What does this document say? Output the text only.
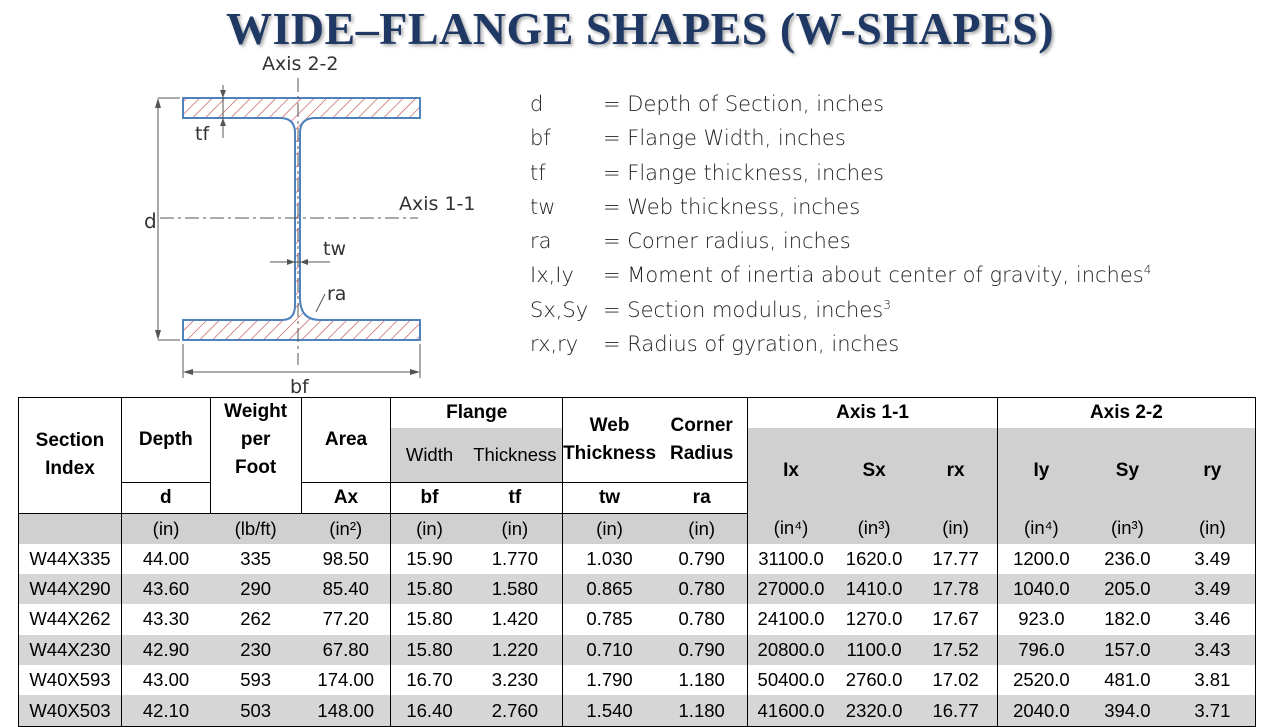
WIDE–FLANGE SHAPES (W-SHAPES)
Axis 2-2
Axis 1-1
tf
d
tw
ra
bf
d	= Depth of Section, inches
bf = Flange Width, inches
tf	= Flange thickness, inches
tw = Web thickness, inches
ra = Corner radius, inches
Ix,Iy = Moment of inertia about center of gravity, inches$^4$
Sx,Sy = Section modulus, inches$^3$
rx,ry = Radius of gyration, inches
Section Index	Depth	Weight per Foot	Area	Flange		Web Thickness	Corner Radius	Axis 1-1			Axis 2-2		
				Width	Thickness			Ix	Sx	rx	Iy	Sy	ry
	d		Ax	bf	tf	tw	ra						
	(in)	(lb/ft)	(in²)	(in)	(in)	(in)	(in)	(in⁴)	(in³)	(in)	(in⁴)	(in³)	(in)
W44X335	44.00	335	98.50	15.90	1.770	1.030	0.790	31100.0	1620.0	17.77	1200.0	236.0	3.49
W44X290	43.60	290	85.40	15.80	1.580	0.865	0.780	27000.0	1410.0	17.78	1040.0	205.0	3.49
W44X262	43.30	262	77.20	15.80	1.420	0.785	0.780	24100.0	1270.0	17.67	923.0	182.0	3.46
W44X230	42.90	230	67.80	15.80	1.220	0.710	0.790	20800.0	1100.0	17.52	796.0	157.0	3.43
W40X593	43.00	593	174.00	16.70	3.230	1.790	1.180	50400.0	2760.0	17.02	2520.0	481.0	3.81
W40X503	42.10	503	148.00	16.40	2.760	1.540	1.180	41600.0	2320.0	16.77	2040.0	394.0	3.71
